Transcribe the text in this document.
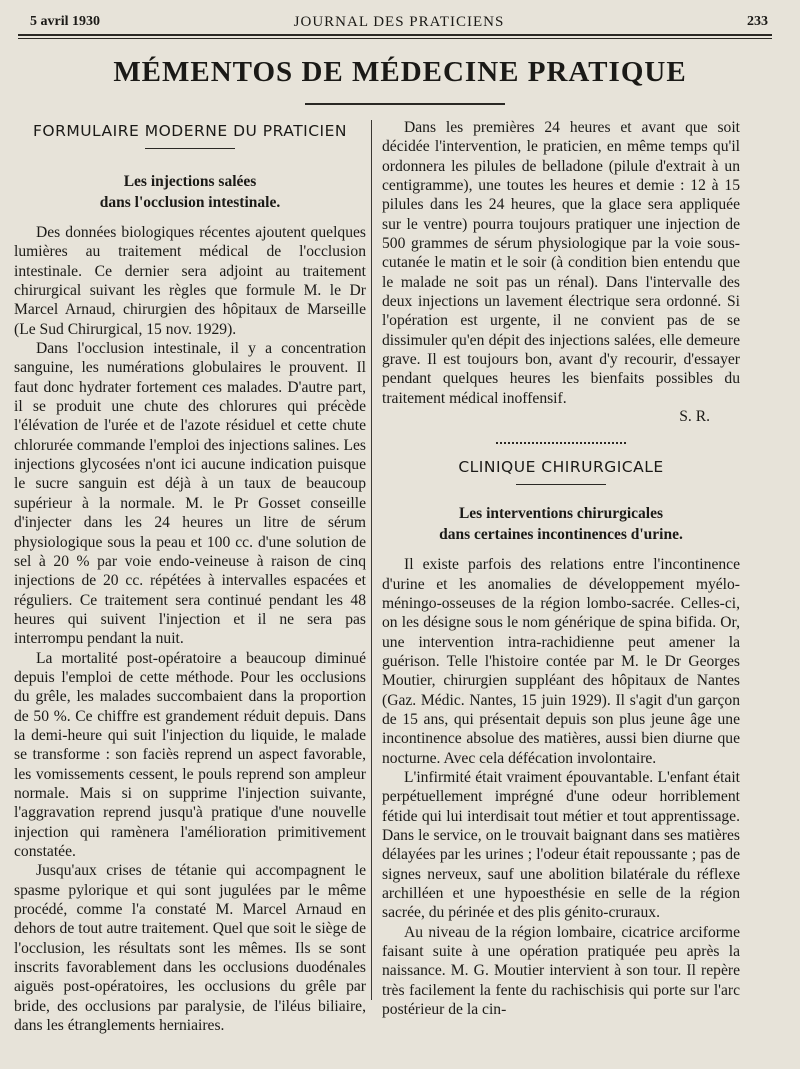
5 avril 1930	JOURNAL DES PRATICIENS	233
MÉMENTOS DE MÉDECINE PRATIQUE
FORMULAIRE MODERNE DU PRATICIEN
Les injections salées
dans l'occlusion intestinale.

Des données biologiques récentes ajoutent quelques lumières au traitement médical de l'occlusion intestinale. Ce dernier sera adjoint au traitement chirurgical suivant les règles que formule M. le Dr Marcel Arnaud, chirurgien des hôpitaux de Marseille (Le Sud Chirurgical, 15 nov. 1929).

Dans l'occlusion intestinale, il y a concentration sanguine, les numérations globulaires le prouvent. Il faut donc hydrater fortement ces malades. D'autre part, il se produit une chute des chlorures qui précède l'élévation de l'urée et de l'azote résiduel et cette chute chlorurée commande l'emploi des injections salines. Les injections glycosées n'ont ici aucune indication puisque le sucre sanguin est déjà à un taux de beaucoup supérieur à la normale. M. le Pr Gosset conseille d'injecter dans les 24 heures un litre de sérum physiologique sous la peau et 100 cc. d'une solution de sel à 20 % par voie endo-veineuse à raison de cinq injections de 20 cc. répétées à intervalles espacées et réguliers. Ce traitement sera continué pendant les 48 heures qui suivent l'injection et il ne sera pas interrompu pendant la nuit.

La mortalité post-opératoire a beaucoup diminué depuis l'emploi de cette méthode. Pour les occlusions du grêle, les malades succombaient dans la proportion de 50 %. Ce chiffre est grandement réduit depuis. Dans la demi-heure qui suit l'injection du liquide, le malade se transforme : son faciès reprend un aspect favorable, les vomissements cessent, le pouls reprend son ampleur normale. Mais si on supprime l'injection suivante, l'aggravation reprend jusqu'à pratique d'une nouvelle injection qui ramènera l'amélioration primitivement constatée.

Jusqu'aux crises de tétanie qui accompagnent le spasme pylorique et qui sont jugulées par le même procédé, comme l'a constaté M. Marcel Arnaud en dehors de tout autre traitement. Quel que soit le siège de l'occlusion, les résultats sont les mêmes. Ils se sont inscrits favorablement dans les occlusions duodénales aiguës post-opératoires, les occlusions du grêle par bride, des occlusions par paralysie, de l'iléus biliaire, dans les étranglements herniaires.

Dans les premières 24 heures et avant que soit décidée l'intervention, le praticien, en même temps qu'il ordonnera les pilules de belladone (pilule d'extrait à un centigramme), une toutes les heures et demie : 12 à 15 pilules dans les 24 heures, que la glace sera appliquée sur le ventre) pourra toujours pratiquer une injection de 500 grammes de sérum physiologique par la voie sous-cutanée le matin et le soir (à condition bien entendu que le malade ne soit pas un rénal). Dans l'intervalle des deux injections un lavement électrique sera ordonné. Si l'opération est urgente, il ne convient pas de se dissimuler qu'en dépit des injections salées, elle demeure grave. Il est toujours bon, avant d'y recourir, d'essayer pendant quelques heures les bienfaits possibles du traitement médical inoffensif.

S. R.
CLINIQUE CHIRURGICALE
Les interventions chirurgicales
dans certaines incontinences d'urine.

Il existe parfois des relations entre l'incontinence d'urine et les anomalies de développement myélo-méningo-osseuses de la région lombo-sacrée. Celles-ci, on les désigne sous le nom générique de spina bifida. Or, une intervention intra-rachidienne peut amener la guérison. Telle l'histoire contée par M. le Dr Georges Moutier, chirurgien suppléant des hôpitaux de Nantes (Gaz. Médic. Nantes, 15 juin 1929). Il s'agit d'un garçon de 15 ans, qui présentait depuis son plus jeune âge une incontinence absolue des matières, aussi bien diurne que nocturne. Avec cela défécation involontaire.

L'infirmité était vraiment épouvantable. L'enfant était perpétuellement imprégné d'une odeur horriblement fétide qui lui interdisait tout métier et tout apprentissage. Dans le service, on le trouvait baignant dans ses matières délayées par les urines ; l'odeur était repoussante ; pas de signes nerveux, sauf une abolition bilatérale du réflexe archilléen et une hypoesthésie en selle de la région sacrée, du périnée et des plis génito-cruraux.

Au niveau de la région lombaire, cicatrice arciforme faisant suite à une opération pratiquée peu après la naissance. M. G. Moutier intervient à son tour. Il repère très facilement la fente du rachischisis qui porte sur l'arc postérieur de la cin-
